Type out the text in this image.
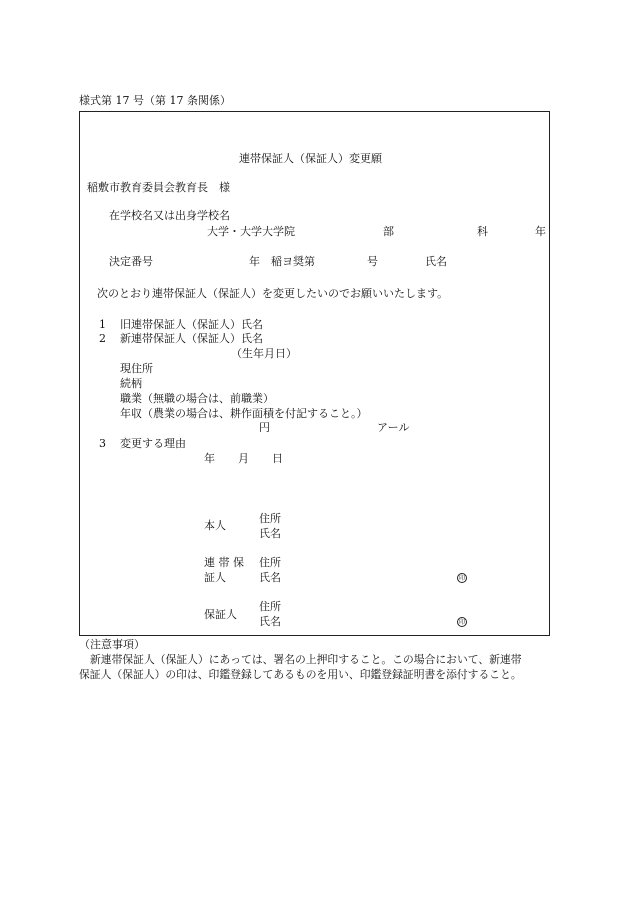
様式第 17 号（第 17 条関係）
連帯保証人（保証人）変更願
稲敷市教育委員会教育長　様
在学校名又は出身学校名
大学・大学大学院	部	科	年
決定番号	年 稲ヨ奨第	号	氏名
次のとおり連帯保証人（保証人）を変更したいのでお願いいたします。
1 旧連帯保証人（保証人）氏名
2 新連帯保証人（保証人）氏名
（生年月日）
現住所
続柄
職業（無職の場合は、前職業）
年収（農業の場合は、耕作面積を付記すること。）
円	アール
3 変更する理由
年 月 日
本人
住所
氏名
連 帯 保
証人
住所
氏名	印
保証人
住所
氏名	印
（注意事項）
新連帯保証人（保証人）にあっては、署名の上押印すること。この場合において、新連帯
保証人（保証人）の印は、印鑑登録してあるものを用い、印鑑登録証明書を添付すること。
